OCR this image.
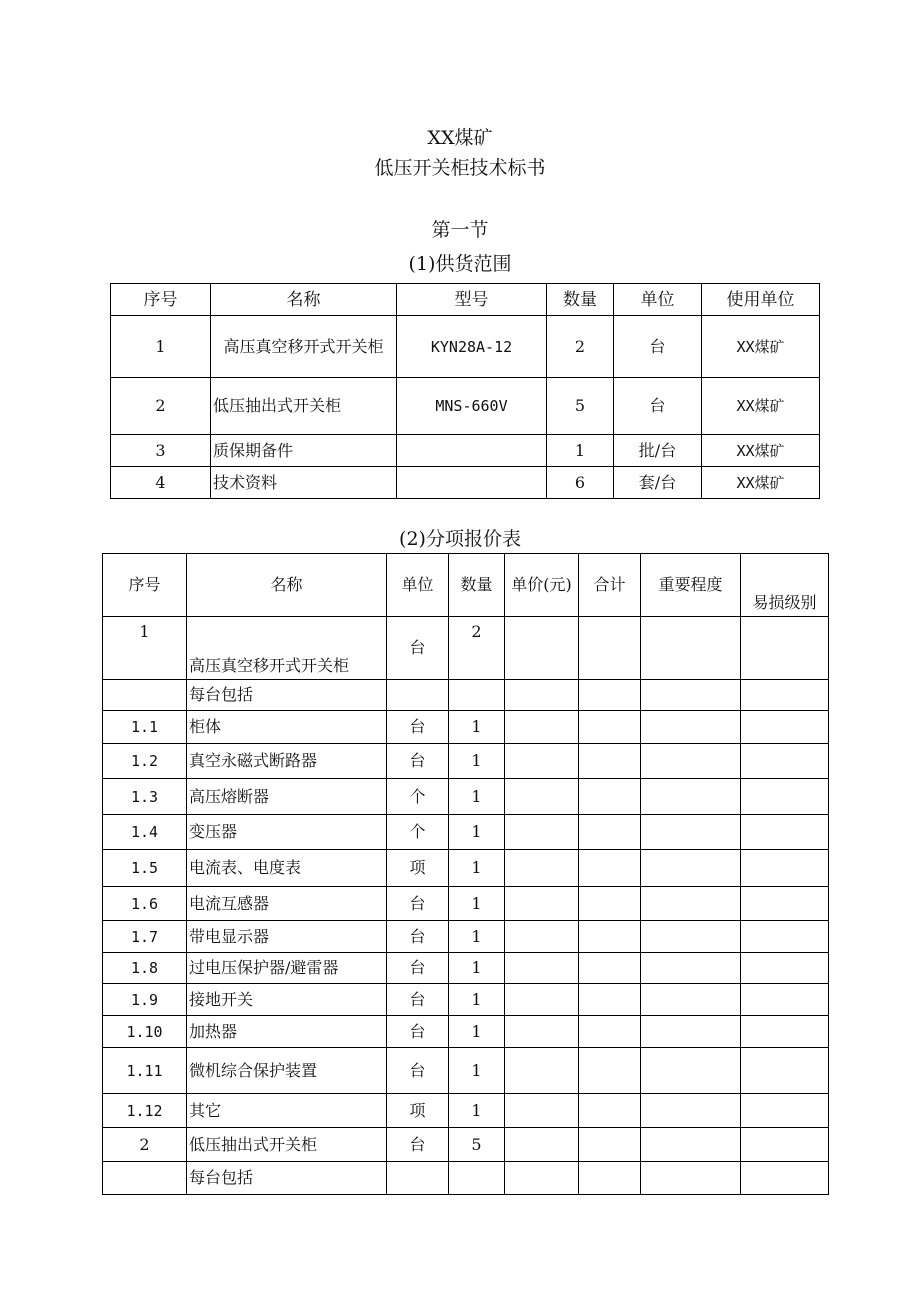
XX煤矿
低压开关柜技术标书
第一节
(1)供货范围
序号	名称	型号	数量	单位	使用单位
1	高压真空移开式开关柜	KYN28A-12	2	台	XX煤矿
2	低压抽出式开关柜	MNS-660V	5	台	XX煤矿
3	质保期备件		1	批/台	XX煤矿
4	技术资料		6	套/台	XX煤矿
(2)分项报价表
序号	名称	单位	数量	单价(元)	合计	重要程度	易损级别
1	高压真空移开式开关柜	台	2				
	每台包括						
1.1	柜体	台	1				
1.2	真空永磁式断路器	台	1				
1.3	高压熔断器	个	1				
1.4	变压器	个	1				
1.5	电流表、电度表	项	1				
1.6	电流互感器	台	1				
1.7	带电显示器	台	1				
1.8	过电压保护器/避雷器	台	1				
1.9	接地开关	台	1				
1.10	加热器	台	1				
1.11	微机综合保护装置	台	1				
1.12	其它	项	1				
2	低压抽出式开关柜	台	5				
	每台包括						
